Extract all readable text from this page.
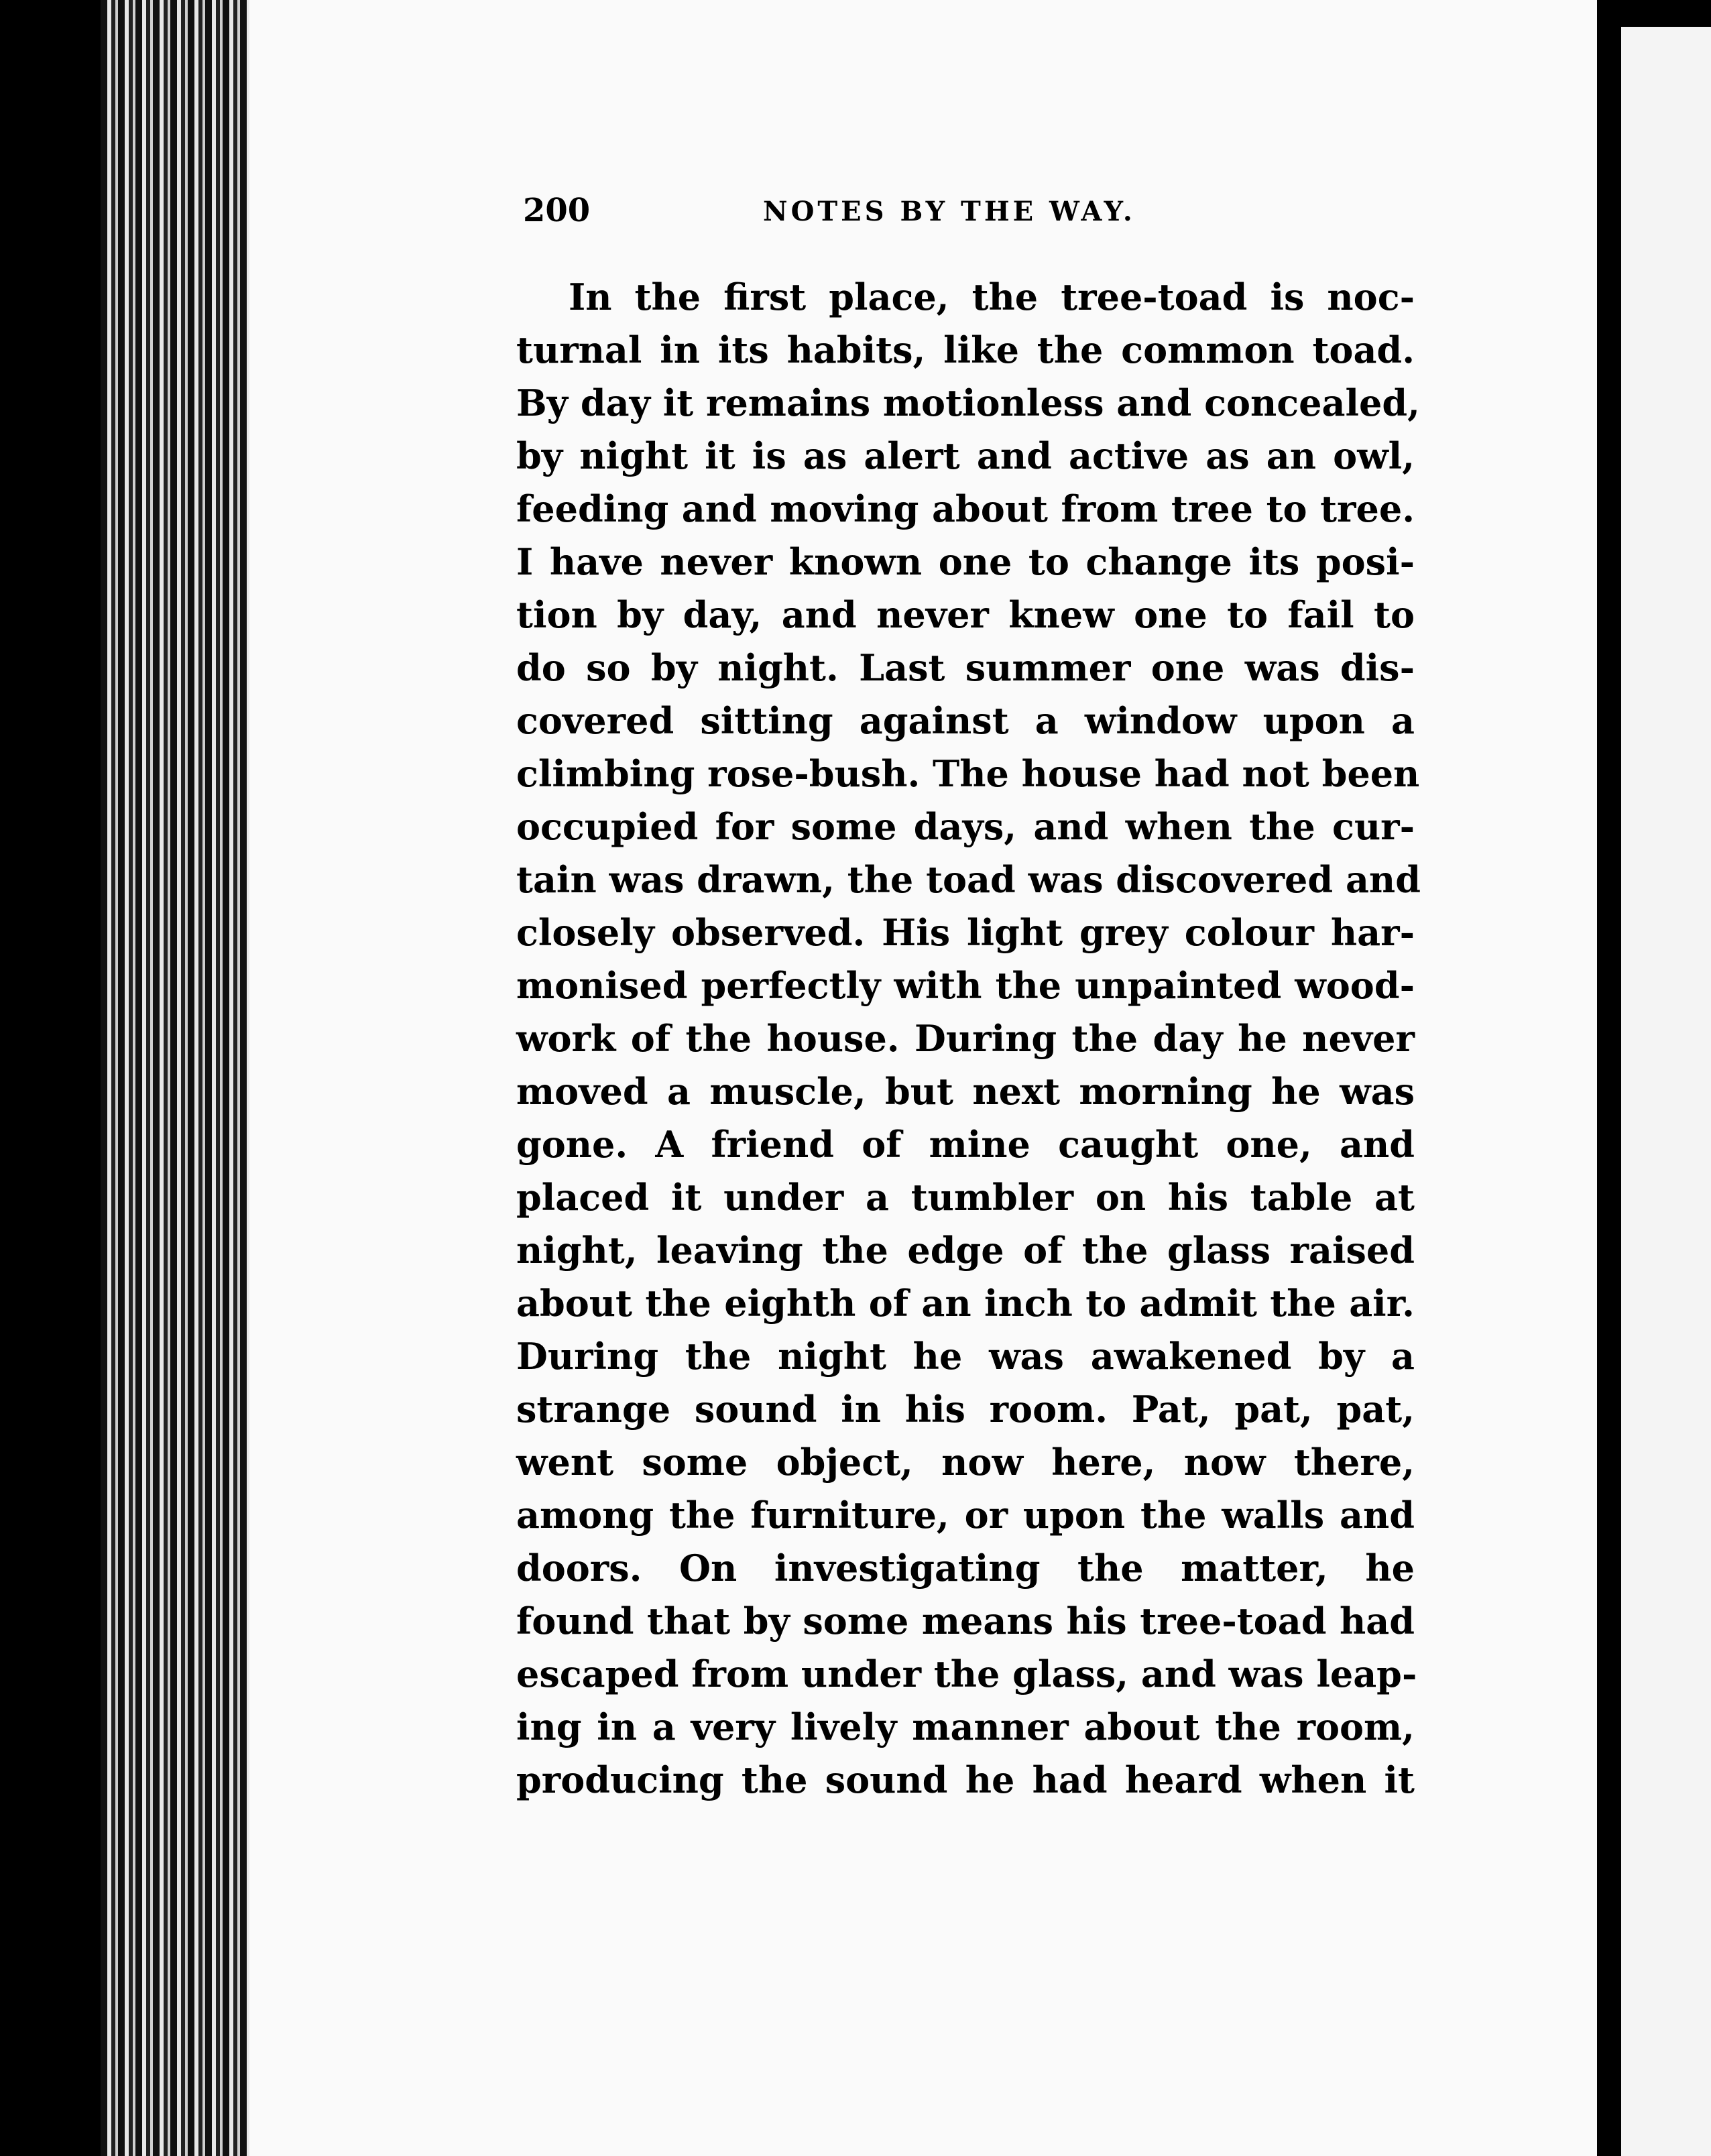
200	NOTES BY THE WAY.
In the first place, the tree-toad is noc-
turnal in its habits, like the common toad.
By day it remains motionless and concealed,
by night it is as alert and active as an owl,
feeding and moving about from tree to tree.
I have never known one to change its posi-
tion by day, and never knew one to fail to
do so by night. Last summer one was dis-
covered sitting against a window upon a
climbing rose-bush. The house had not been
occupied for some days, and when the cur-
tain was drawn, the toad was discovered and
closely observed. His light grey colour har-
monised perfectly with the unpainted wood-
work of the house. During the day he never
moved a muscle, but next morning he was
gone. A friend of mine caught one, and
placed it under a tumbler on his table at
night, leaving the edge of the glass raised
about the eighth of an inch to admit the air.
During the night he was awakened by a
strange sound in his room. Pat, pat, pat,
went some object, now here, now there,
among the furniture, or upon the walls and
doors. On investigating the matter, he
found that by some means his tree-toad had
escaped from under the glass, and was leap-
ing in a very lively manner about the room,
producing the sound he had heard when it
